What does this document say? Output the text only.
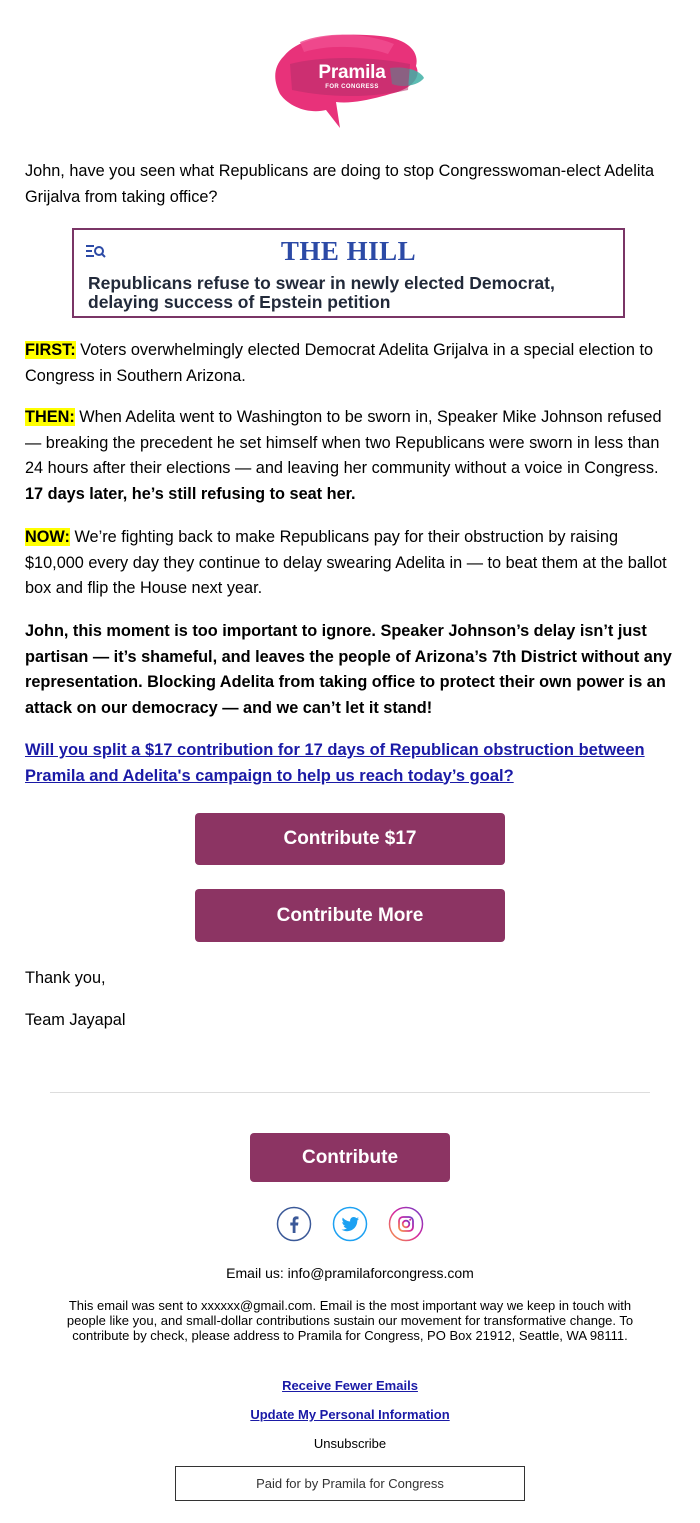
Pramila
FOR CONGRESS

John, have you seen what Republicans are doing to stop Congresswoman-elect Adelita Grijalva from taking office?

THE HILL
Republicans refuse to swear in newly elected Democrat, delaying success of Epstein petition

FIRST: Voters overwhelmingly elected Democrat Adelita Grijalva in a special election to Congress in Southern Arizona.

THEN: When Adelita went to Washington to be sworn in, Speaker Mike Johnson refused — breaking the precedent he set himself when two Republicans were sworn in less than 24 hours after their elections — and leaving her community without a voice in Congress. 17 days later, he’s still refusing to seat her.

NOW: We’re fighting back to make Republicans pay for their obstruction by raising $10,000 every day they continue to delay swearing Adelita in — to beat them at the ballot box and flip the House next year.

John, this moment is too important to ignore. Speaker Johnson’s delay isn’t just partisan — it’s shameful, and leaves the people of Arizona’s 7th District without any representation. Blocking Adelita from taking office to protect their own power is an attack on our democracy — and we can’t let it stand!

Will you split a $17 contribution for 17 days of Republican obstruction between Pramila and Adelita's campaign to help us reach today’s goal?
Contribute $17
Contribute More

Thank you,

Team Jayapal

Contribute

Email us: info@pramilaforcongress.com

This email was sent to xxxxxx@gmail.com. Email is the most important way we keep in touch with people like you, and small-dollar contributions sustain our movement for transformative change. To contribute by check, please address to Pramila for Congress, PO Box 21912, Seattle, WA 98111.

Receive Fewer Emails

Update My Personal Information

Unsubscribe

Paid for by Pramila for Congress
